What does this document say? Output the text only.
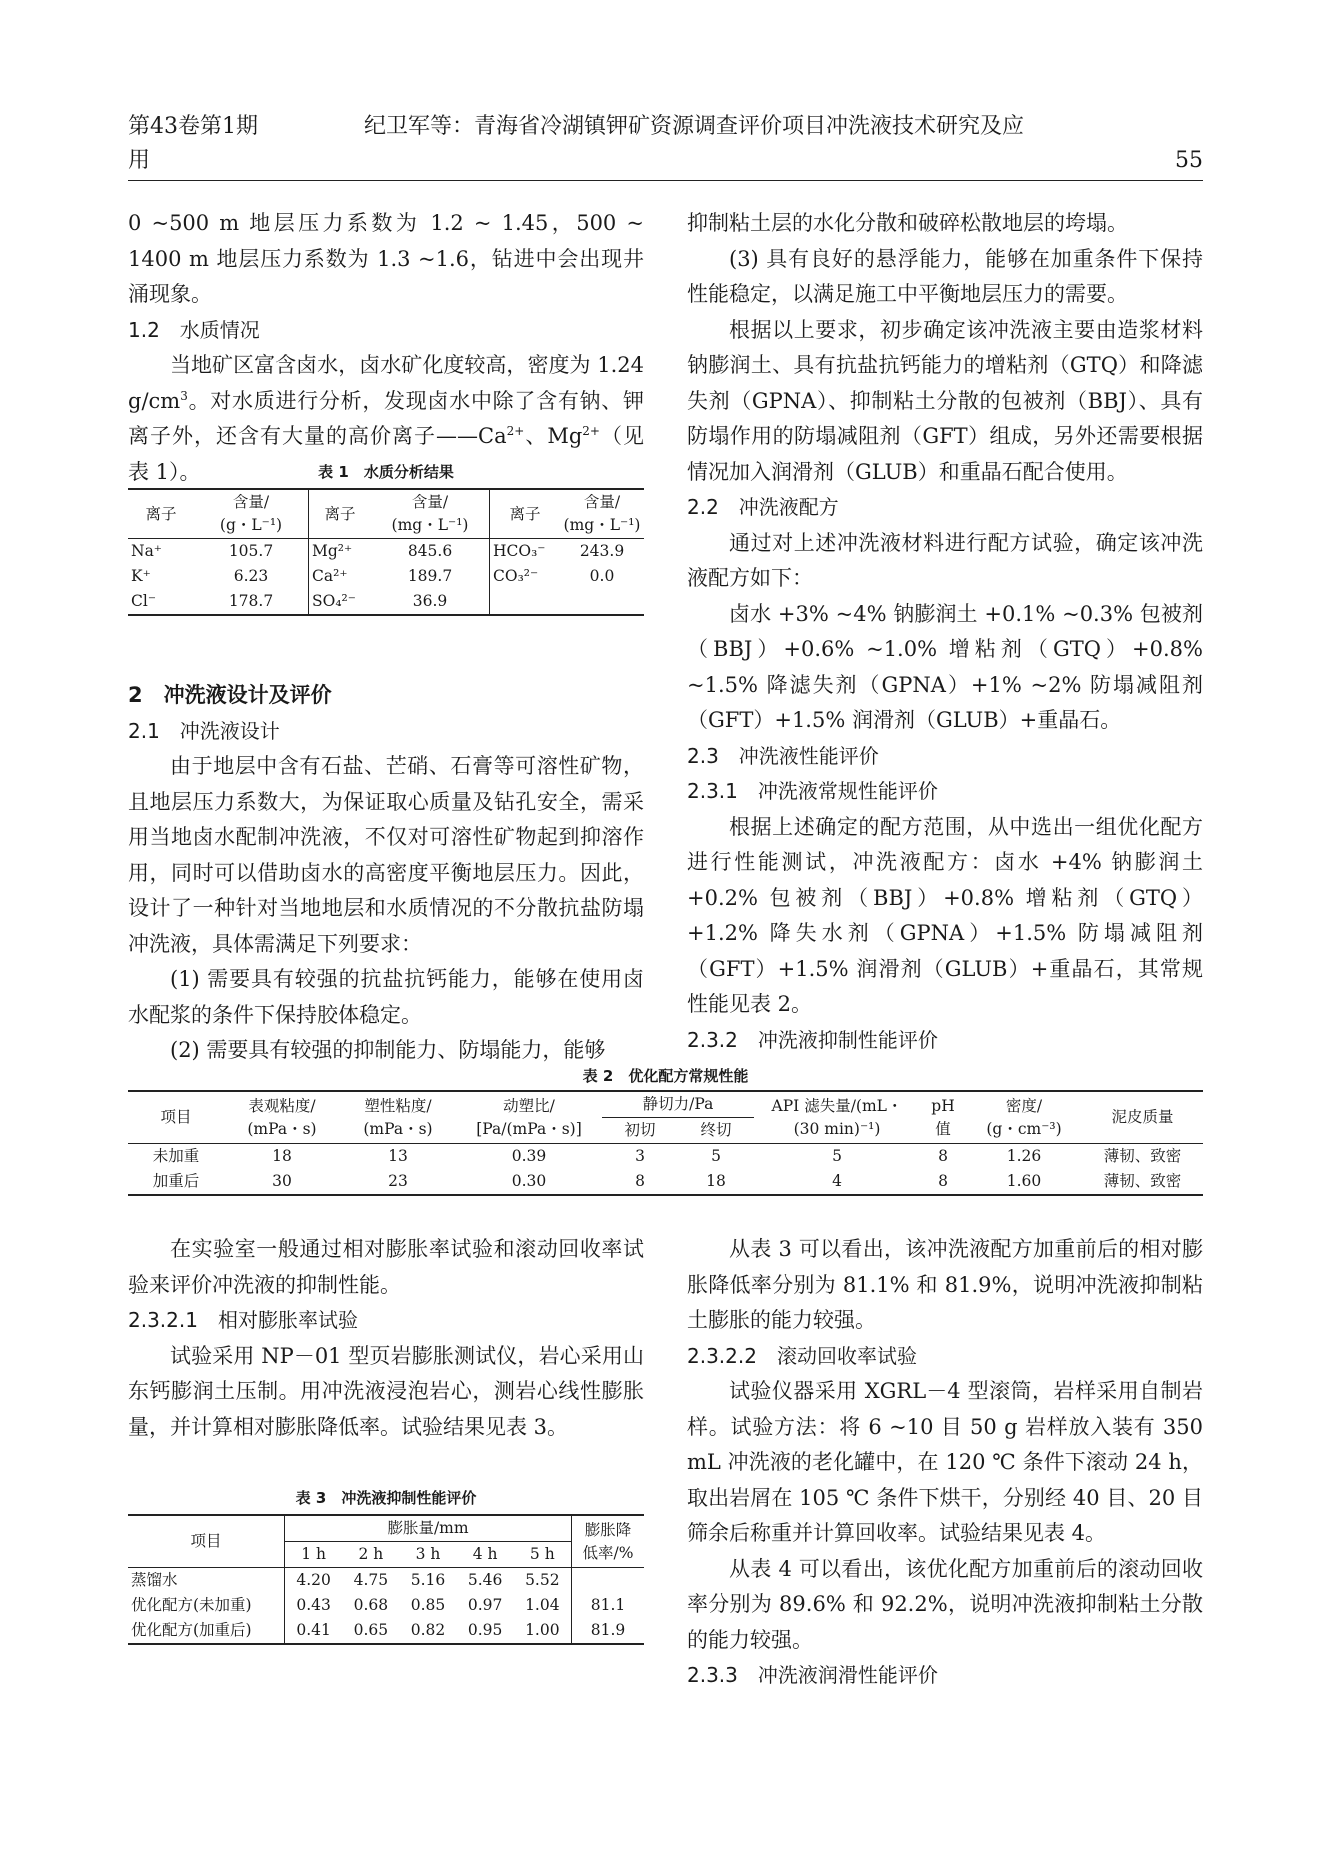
第43卷第1期	纪卫军等：青海省冷湖镇钾矿资源调查评价项目冲洗液技术研究及应
用	55

0 ~500 m 地层压力系数为 1.2 ~ 1.45，500 ~ 1400 m 地层压力系数为 1.3 ~1.6，钻进中会出现井涌现象。

1.2　水质情况

当地矿区富含卤水，卤水矿化度较高，密度为 1.24 $g/cm^3$。对水质进行分析，发现卤水中除了含有钠、钾离子外，还含有大量的高价离子$——Ca^{2+}$、$Mg^{2+}$（见表 1）。	表 1　水质分析结果
离子	含量/
(g・L⁻¹)	离子	含量/
(mg・L⁻¹)	离子	含量/
(mg・L⁻¹)
Na⁺	105.7	Mg²⁺	845.6	HCO₃⁻	243.9
K⁺	6.23	Ca²⁺	189.7	CO₃²⁻	0.0
Cl⁻	178.7	SO₄²⁻	36.9		

2　冲洗液设计及评价

2.1　冲洗液设计

由于地层中含有石盐、芒硝、石膏等可溶性矿物，且地层压力系数大，为保证取心质量及钻孔安全，需采用当地卤水配制冲洗液，不仅对可溶性矿物起到抑溶作用，同时可以借助卤水的高密度平衡地层压力。因此，设计了一种针对当地地层和水质情况的不分散抗盐防塌冲洗液，具体需满足下列要求：

(1) 需要具有较强的抗盐抗钙能力，能够在使用卤水配浆的条件下保持胶体稳定。

(2) 需要具有较强的抑制能力、防塌能力，能够

抑制粘土层的水化分散和破碎松散地层的垮塌。

(3) 具有良好的悬浮能力，能够在加重条件下保持性能稳定，以满足施工中平衡地层压力的需要。

根据以上要求，初步确定该冲洗液主要由造浆材料钠膨润土、具有抗盐抗钙能力的增粘剂（GTQ）和降滤失剂（GPNA）、抑制粘土分散的包被剂（BBJ）、具有防塌作用的防塌减阻剂（GFT）组成，另外还需要根据情况加入润滑剂（GLUB）和重晶石配合使用。

2.2　冲洗液配方

通过对上述冲洗液材料进行配方试验，确定该冲洗液配方如下：

卤水 +3% ~4% 钠膨润土 +0.1% ~0.3% 包被剂（BBJ）+0.6% ~1.0% 增粘剂（GTQ）+0.8% ~1.5% 降滤失剂（GPNA）+1% ~2% 防塌减阻剂（GFT）+1.5% 润滑剂（GLUB）+重晶石。

2.3　冲洗液性能评价

2.3.1　冲洗液常规性能评价

根据上述确定的配方范围，从中选出一组优化配方进行性能测试，冲洗液配方：卤水 +4% 钠膨润土 +0.2% 包被剂（BBJ）+0.8% 增粘剂（GTQ）+1.2% 降失水剂（GPNA）+1.5% 防塌减阻剂（GFT）+1.5% 润滑剂（GLUB）+重晶石，其常规性能见表 2。

2.3.2　冲洗液抑制性能评价

表 2　优化配方常规性能
项目	表观粘度/
(mPa・s)	塑性粘度/
(mPa・s)	动塑比/
[Pa/(mPa・s)]	静切力/Pa		API 滤失量/(mL・
(30 min)⁻¹)	pH
值	密度/
(g・cm⁻³)	泥皮质量
				初切	终切				
未加重	18	13	0.39	3	5	5	8	1.26	薄韧、致密
加重后	30	23	0.30	8	18	4	8	1.60	薄韧、致密

在实验室一般通过相对膨胀率试验和滚动回收率试验来评价冲洗液的抑制性能。

2.3.2.1　相对膨胀率试验

试验采用 NP－01 型页岩膨胀测试仪，岩心采用山东钙膨润土压制。用冲洗液浸泡岩心，测岩心线性膨胀量，并计算相对膨胀降低率。试验结果见表 3。

表 3　冲洗液抑制性能评价
项目	膨胀量/mm					膨胀降
低率/%
	1 h	2 h	3 h	4 h	5 h	
蒸馏水	4.20	4.75	5.16	5.46	5.52	
优化配方(未加重)	0.43	0.68	0.85	0.97	1.04	81.1
优化配方(加重后)	0.41	0.65	0.82	0.95	1.00	81.9

从表 3 可以看出，该冲洗液配方加重前后的相对膨胀降低率分别为 81.1% 和 81.9%，说明冲洗液抑制粘土膨胀的能力较强。

2.3.2.2　滚动回收率试验

试验仪器采用 XGRL－4 型滚筒，岩样采用自制岩样。试验方法：将 6 ~10 目 50 g 岩样放入装有 350 mL 冲洗液的老化罐中，在 120 ℃ 条件下滚动 24 h，取出岩屑在 105 ℃ 条件下烘干，分别经 40 目、20 目筛余后称重并计算回收率。试验结果见表 4。

从表 4 可以看出，该优化配方加重前后的滚动回收率分别为 89.6% 和 92.2%，说明冲洗液抑制粘土分散的能力较强。

2.3.3　冲洗液润滑性能评价
